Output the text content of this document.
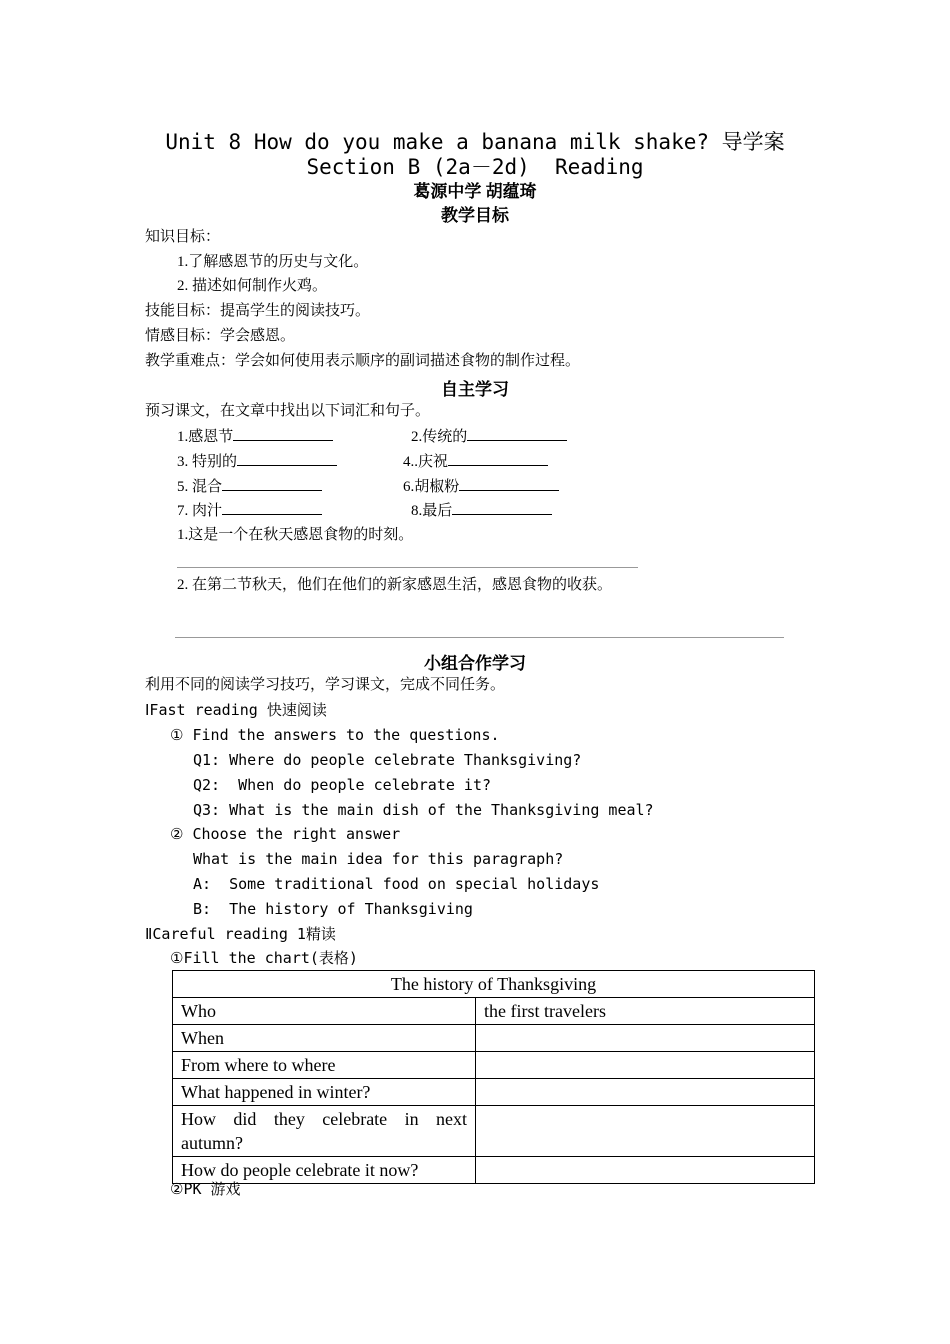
Unit 8 How do you make a banana milk shake? 导学案
Section B (2a－2d)  Reading
葛源中学 胡蕴琦
教学目标
知识目标：
1.了解感恩节的历史与文化。
2. 描述如何制作火鸡。
技能目标：提高学生的阅读技巧。
情感目标：学会感恩。
教学重难点：学会如何使用表示顺序的副词描述食物的制作过程。
自主学习
预习课文，在文章中找出以下词汇和句子。
1.感恩节	2.传统的
3. 特别的	4..庆祝
5. 混合	6.胡椒粉
7. 肉汁	8.最后
1.这是一个在秋天感恩食物的时刻。
2. 在第二节秋天，他们在他们的新家感恩生活，感恩食物的收获。
小组合作学习
利用不同的阅读学习技巧，学习课文，完成不同任务。
ⅠFast reading 快速阅读
① Find the answers to the questions.
Q1: Where do people celebrate Thanksgiving?
Q2:  When do people celebrate it?
Q3: What is the main dish of the Thanksgiving meal?
② Choose the right answer
What is the main idea for this paragraph?
A:  Some traditional food on special holidays
B:  The history of Thanksgiving
ⅡCareful reading 1精读
①Fill the chart(表格)
The history of Thanksgiving	
Who	the first travelers
When	
From where to where	
What happened in winter?	
How did they celebrate in next autumn?	
How do people celebrate it now?	
②PK 游戏
